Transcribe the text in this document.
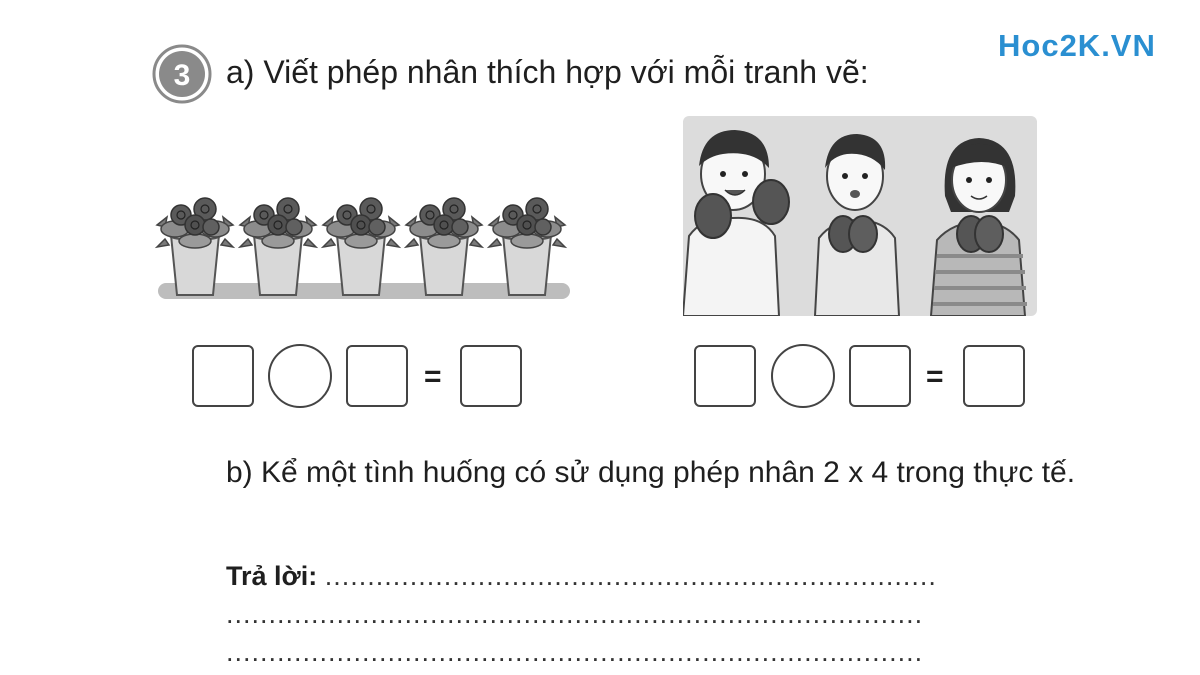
3 a) Viết phép nhân thích hợp với mỗi tranh vẽ:
Hoc2K.VN
=	=
b) Kể một tình huống có sử dụng phép nhân 2 x 4 trong thực tế.
Trả lời: ........................................................................
..................................................................................
..................................................................................
